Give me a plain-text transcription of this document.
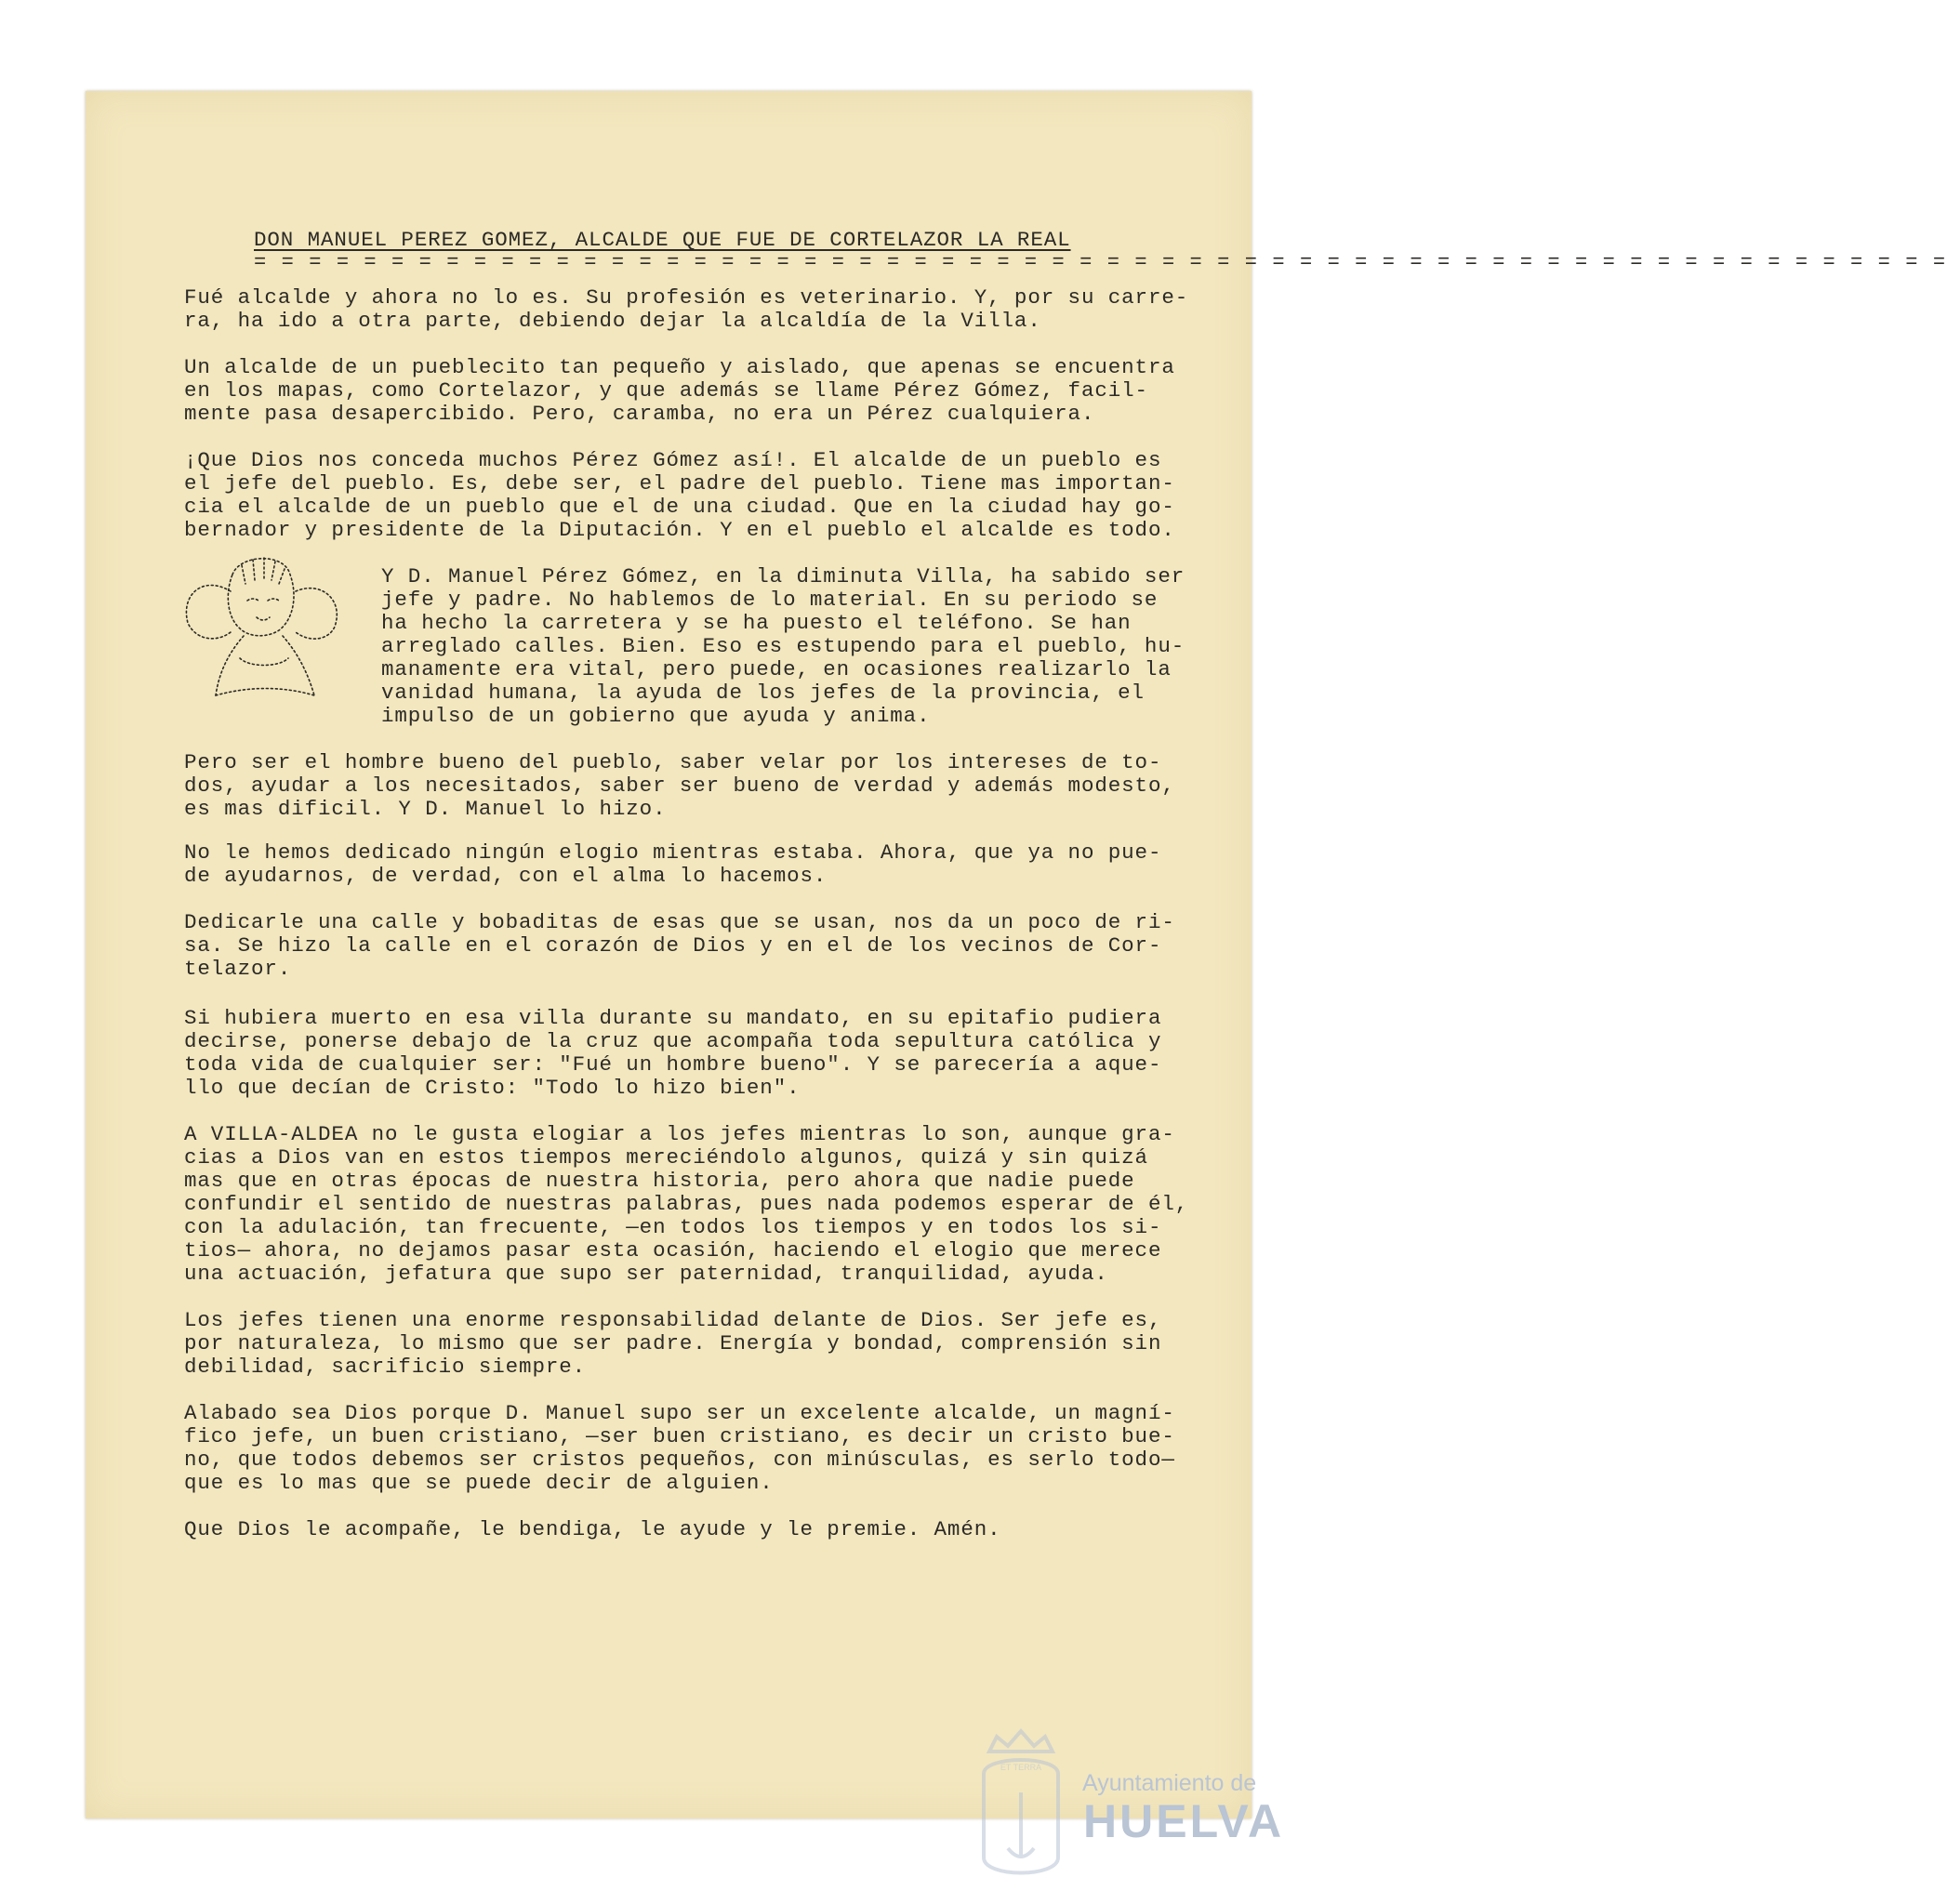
DON MANUEL PEREZ GOMEZ, ALCALDE QUE FUE DE CORTELAZOR LA REAL

= = = = = = = = = = = = = = = = = = = = = = = = = = = = = = = = = = = = = = = = = = = = = = = = = = = = = = = = = = = = = =

Fué alcalde y ahora no lo es. Su profesión es veterinario. Y, por su carre-
ra, ha ido a otra parte, debiendo dejar la alcaldía de la Villa.

Un alcalde de un pueblecito tan pequeño y aislado, que apenas se encuentra
en los mapas, como Cortelazor, y que además se llame Pérez Gómez, facil-
mente pasa desapercibido. Pero, caramba, no era un Pérez cualquiera.

¡Que Dios nos conceda muchos Pérez Gómez así!. El alcalde de un pueblo es
el jefe del pueblo. Es, debe ser, el padre del pueblo. Tiene mas importan-
cia el alcalde de un pueblo que el de una ciudad. Que en la ciudad hay go-
bernador y presidente de la Diputación. Y en el pueblo el alcalde es todo.

Y D. Manuel Pérez Gómez, en la diminuta Villa, ha sabido ser
jefe y padre. No hablemos de lo material. En su periodo se
ha hecho la carretera y se ha puesto el teléfono. Se han
arreglado calles. Bien. Eso es estupendo para el pueblo, hu-
manamente era vital, pero puede, en ocasiones realizarlo la
vanidad humana, la ayuda de los jefes de la provincia, el
impulso de un gobierno que ayuda y anima.

Pero ser el hombre bueno del pueblo, saber velar por los intereses de to-
dos, ayudar a los necesitados, saber ser bueno de verdad y además modesto,
es mas dificil. Y D. Manuel lo hizo.

No le hemos dedicado ningún elogio mientras estaba. Ahora, que ya no pue-
de ayudarnos, de verdad, con el alma lo hacemos.

Dedicarle una calle y bobaditas de esas que se usan, nos da un poco de ri-
sa. Se hizo la calle en el corazón de Dios y en el de los vecinos de Cor-
telazor.

Si hubiera muerto en esa villa durante su mandato, en su epitafio pudiera
decirse, ponerse debajo de la cruz que acompaña toda sepultura católica y
toda vida de cualquier ser: "Fué un hombre bueno". Y se parecería a aque-
llo que decían de Cristo: "Todo lo hizo bien".

A VILLA-ALDEA no le gusta elogiar a los jefes mientras lo son, aunque gra-
cias a Dios van en estos tiempos mereciéndolo algunos, quizá y sin quizá
mas que en otras épocas de nuestra historia, pero ahora que nadie puede
confundir el sentido de nuestras palabras, pues nada podemos esperar de él,
con la adulación, tan frecuente, —en todos los tiempos y en todos los si-
tios— ahora, no dejamos pasar esta ocasión, haciendo el elogio que merece
una actuación, jefatura que supo ser paternidad, tranquilidad, ayuda.

Los jefes tienen una enorme responsabilidad delante de Dios. Ser jefe es,
por naturaleza, lo mismo que ser padre. Energía y bondad, comprensión sin
debilidad, sacrificio siempre.

Alabado sea Dios porque D. Manuel supo ser un excelente alcalde, un magní-
fico jefe, un buen cristiano, —ser buen cristiano, es decir un cristo bue-
no, que todos debemos ser cristos pequeños, con minúsculas, es serlo todo—
que es lo mas que se puede decir de alguien.

Que Dios le acompañe, le bendiga, le ayude y le premie. Amén.

ET TERRA
Ayuntamiento de
HUELVA
